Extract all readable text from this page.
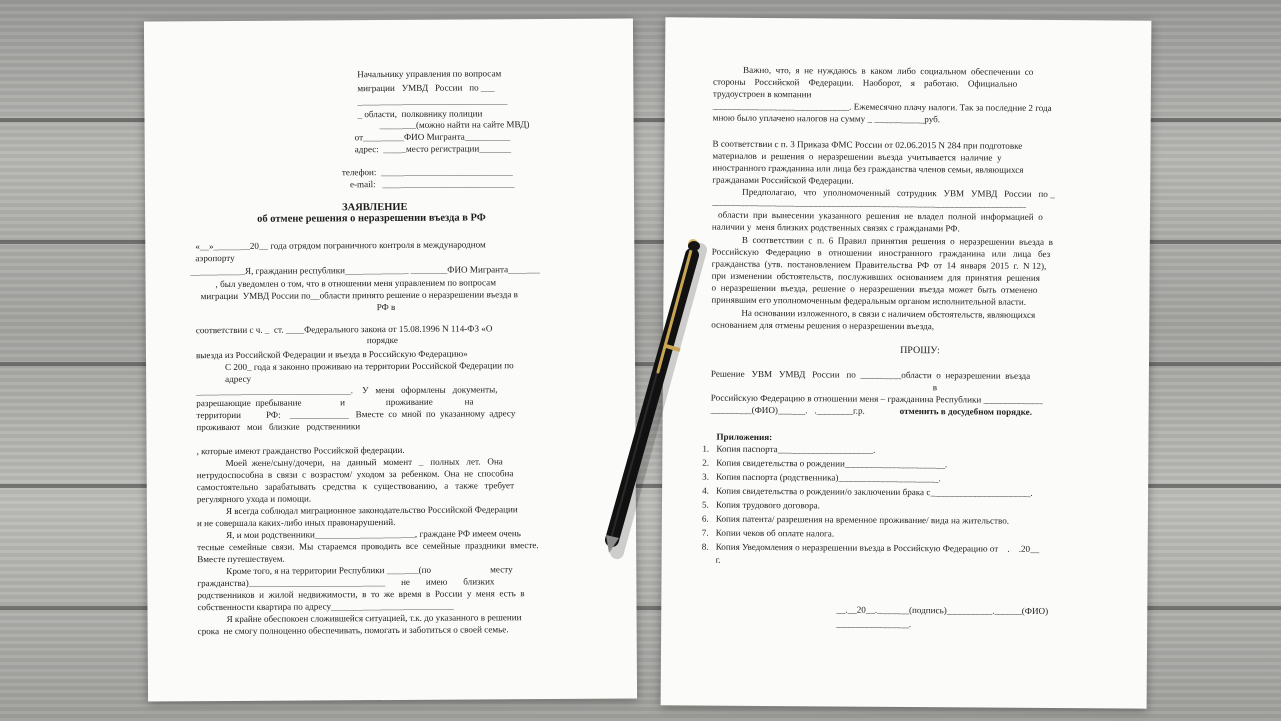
Начальнику управления по вопросам
миграции   УМВД   России   по ___
_________________________________
_ области,  полковнику полиции
________(можно найти на сайте МВД)
от_________ФИО Мигранта__________
адрес:  _____место регистрации_______
телефон:  _____________________________
e-mail:   _____________________________
ЗАЯВЛЕНИЕ
об отмене решения о неразрешении въезда в РФ
«__»________20__ года отрядом пограничного контроля в международном
аэропорту
____________Я, гражданин республики______________ ________ФИО Мигранта_______
, был уведомлен о том, что в отношении меня управлением по вопросам
миграции  УМВД России по__области принято решение о неразрешении въезда в
РФ в
соответствии с ч. _  ст. ____Федерального закона от 15.08.1996 N 114-ФЗ «О
порядке
выезда из Российской Федерации и въезда в Российскую Федерацию»
С 200_ года я законно проживаю на территории Российской Федерации по
адресу
__________________________________.    У   меня   оформлены   документы,
разрешающие  пребывание                 и                  проживание              на
территории           РФ:    _____________   Вместе  со  мной  по  указанному  адресу
проживают   мои   близкие   родственники
, которые имеют гражданство Российской федерации.
Моей  жене/сыну/дочери,   на   данный   момент   _   полных   лет.   Она
нетрудоспособна  в  связи  с  возрастом/  уходом  за  ребенком.  Она  не  способна
самостоятельно   зарабатывать   средства   к   существованию,   а   также   требует
регулярного ухода и помощи.
Я всегда соблюдал миграционное законодательство Российской Федерации
и не совершала каких-либо иных правонарушений.
Я, и мои родственники______________________, граждане РФ имеем очень
тесные  семейные  связи.  Мы  стараемся  проводить  все  семейные  праздники  вместе.
Вместе путешествуем.
Кроме того, я на территории Республики _______(по                          месту
гражданства)______________________________       не       имею       близких
родственников  и  жилой  недвижимости,  в  то  же  время  в  России  у  меня  есть  в
собственности квартира по адресу___________________________
Я крайне обеспокоен сложившейся ситуацией, т.к. до указанного в решении
срока  не смогу полноценно обеспечивать, помогать и заботиться о своей семье.
Важно,  что,  я  не  нуждаюсь  в  каком  либо  социальном  обеспечении  со
стороны    Российской    Федерации.    Наоборот,    я    работаю.    Официально
трудоустроен в компании
______________________________. Ежемесячно плачу налоги. Так за последние 2 года
мною было уплачено налогов на сумму _ ___________руб.
В соответствии с п. 3 Приказа ФМС России от 02.06.2015 N 284 при подготовке
материалов  и  решения  о  неразрешении  въезда  учитывается  наличие  у
иностранного гражданина или лица без гражданства членов семьи, являющихся
гражданами Российской Федерации.
Предполагаю,   что   уполномоченный   сотрудник   УВМ   УМВД   России   по _
_____________________________________________________________________
области  при  вынесении  указанного  решения  не  владел  полной  информацией  о
наличии у  меня близких родственных связях с гражданами РФ.
В  соответствии  с  п.  6  Правил  принятия  решения  о  неразрешении  въезда  в
Российскую   Федерацию   в   отношении   иностранного   гражданина   или   лица   без
гражданства  (утв.  постановлением  Правительства  РФ  от  14  января  2015  г.  N 12),
при  изменении  обстоятельств,  послуживших  основанием  для  принятия  решения
о  неразрешении  въезда,  решение  о  неразрешении  въезда  может  быть  отменено
принявшим его уполномоченным федеральным органом исполнительной власти.
На основании изложенного, в связи с наличием обстоятельств, являющихся
основанием для отмены решения о неразрешении въезда,
ПРОШУ:
Решение   УВМ   УМВД   России   по  _________области  о  неразрешении  въезда
в
Российскую Федерацию в отношении меня – гражданина Республики _____________
_________(ФИО)______.   .________г.р.	отменить в досудебном порядке.
Приложения:
1. Копия паспорта_____________________.
2. Копия свидетельства о рождении______________________.
3. Копия паспорта (родственника)______________________.
4. Копия свидетельства о рождении/о заключении брака с______________________.
5. Копия трудового договора.
6. Копия патента/ разрешения на временное проживание/ вида на жительство.
7. Копии чеков об оплате налога.
8. Копия Уведомления о неразрешении въезда в Российскую Федерацию от    .    .20__
г.
__.__20__._______(подпись)__________.______(ФИО)
________________.
